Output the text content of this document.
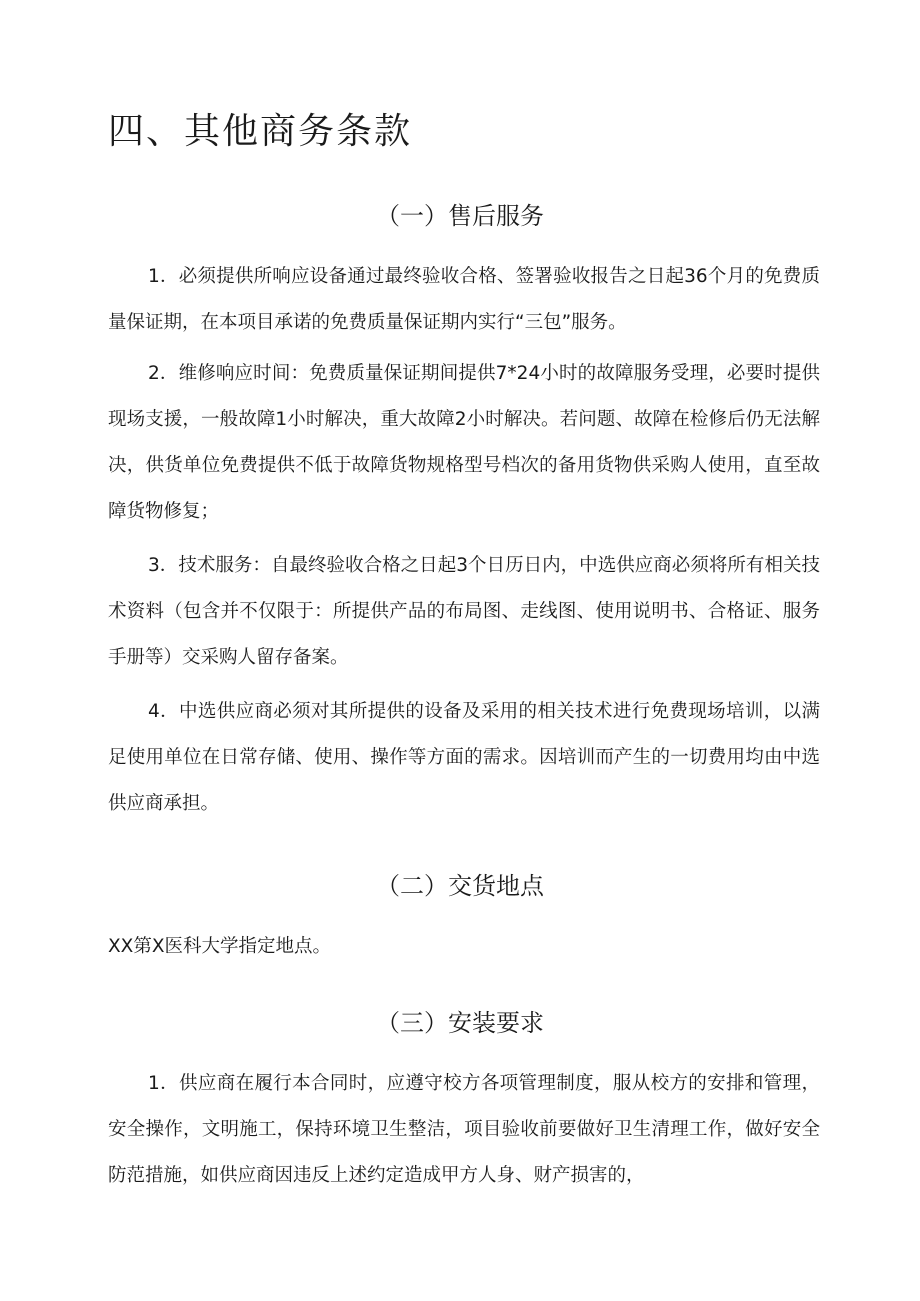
四、其他商务条款
（一）售后服务

1．必须提供所响应设备通过最终验收合格、签署验收报告之日起36个月的免费质量保证期，在本项目承诺的免费质量保证期内实行“三包”服务。

2．维修响应时间：免费质量保证期间提供7*24小时的故障服务受理，必要时提供现场支援，一般故障1小时解决，重大故障2小时解决。若问题、故障在检修后仍无法解决，供货单位免费提供不低于故障货物规格型号档次的备用货物供采购人使用，直至故障货物修复；

3．技术服务：自最终验收合格之日起3个日历日内，中选供应商必须将所有相关技术资料（包含并不仅限于：所提供产品的布局图、走线图、使用说明书、合格证、服务手册等）交采购人留存备案。

4．中选供应商必须对其所提供的设备及采用的相关技术进行免费现场培训，以满足使用单位在日常存储、使用、操作等方面的需求。因培训而产生的一切费用均由中选供应商承担。

（二）交货地点

XX第X医科大学指定地点。

（三）安装要求

1．供应商在履行本合同时，应遵守校方各项管理制度，服从校方的安排和管理，安全操作，文明施工，保持环境卫生整洁，项目验收前要做好卫生清理工作，做好安全防范措施，如供应商因违反上述约定造成甲方人身、财产损害的，
